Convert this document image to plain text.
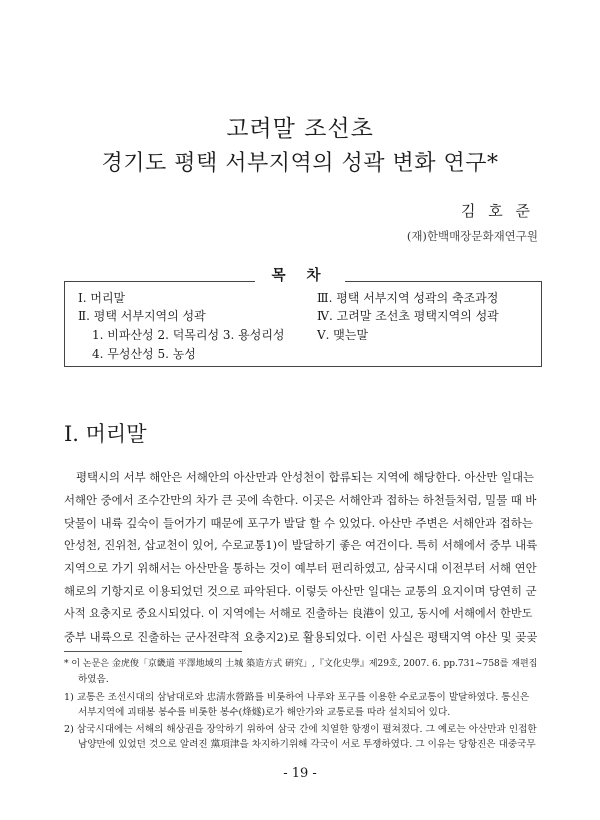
고려말 조선초
경기도 평택 서부지역의 성곽 변화 연구*
김 호 준
(재)한백매장문화재연구원
목 차
Ⅰ. 머리말
Ⅱ. 평택 서부지역의 성곽
1. 비파산성 2. 덕목리성 3. 용성리성
4. 무성산성 5. 농성
Ⅲ. 평택 서부지역 성곽의 축조과정
Ⅳ. 고려말 조선초 평택지역의 성곽
Ⅴ. 맺는말
Ⅰ. 머리말
평택시의 서부 해안은 서해안의 아산만과 안성천이 합류되는 지역에 해당한다. 아산만 일대는
서해안 중에서 조수간만의 차가 큰 곳에 속한다. 이곳은 서해안과 접하는 하천들처럼, 밀물 때 바
닷물이 내륙 깊숙이 들어가기 때문에 포구가 발달 할 수 있었다. 아산만 주변은 서해안과 접하는
안성천, 진위천, 삽교천이 있어, 수로교통1)이 발달하기 좋은 여건이다. 특히 서해에서 중부 내륙
지역으로 가기 위해서는 아산만을 통하는 것이 예부터 편리하였고, 삼국시대 이전부터 서해 연안
해로의 기항지로 이용되었던 것으로 파악된다. 이렇듯 아산만 일대는 교통의 요지이며 당연히 군
사적 요충지로 중요시되었다. 이 지역에는 서해로 진출하는 良港이 있고, 동시에 서해에서 한반도
중부 내륙으로 진출하는 군사전략적 요충지2)로 활용되었다. 이런 사실은 평택지역 야산 및 곶곶
* 이 논문은 金虎俊「京畿道 平澤地域의 土城 築造方式 硏究」,『文化史學』제29호, 2007. 6. pp.731~758를 재편집
하였음.
1) 교통은 조선시대의 삼남대로와 忠淸水營路를 비롯하여 나루와 포구를 이용한 수로교통이 발달하였다. 통신은
서부지역에 괴태봉 봉수를 비롯한 봉수(烽燧)로가 해안가와 교통로를 따라 설치되어 있다.
2) 삼국시대에는 서해의 해상권을 장악하기 위하여 삼국 간에 치열한 항쟁이 펼쳐졌다. 그 예로는 아산만과 인접한
남양만에 있었던 것으로 알려진 黨項津을 차지하기위해 각국이 서로 투쟁하였다. 그 이유는 당항진은 대중국무
- 19 -
